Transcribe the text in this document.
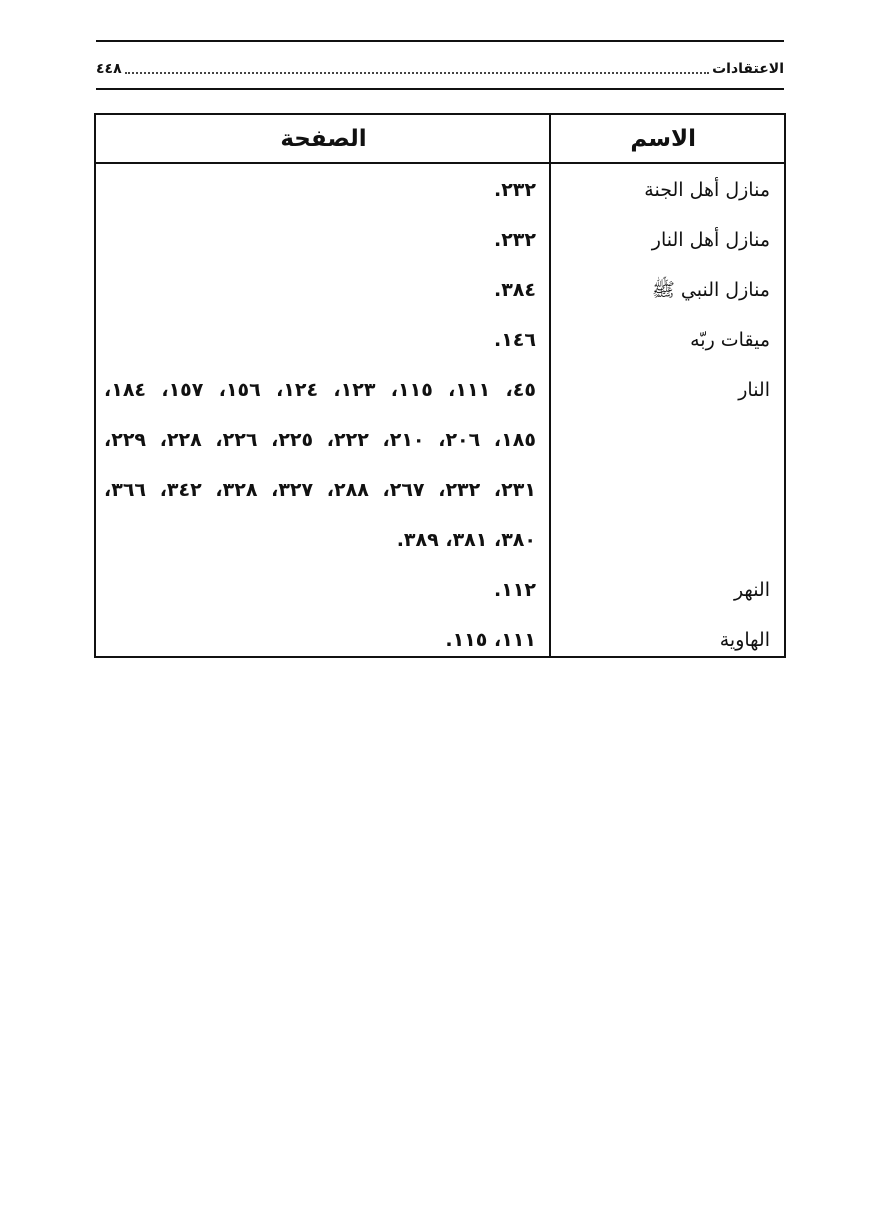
٤٤٨	الاعتقادات
الاسم
الصفحة
منازل أهل الجنة
٢٣٢.
منازل أهل النار
٢٣٢.
منازل النبي ﷺ
٣٨٤.
ميقات ربّه
١٤٦.
النار
٤٥، ١١١، ١١٥، ١٢٣، ١٢٤، ١٥٦، ١٥٧، ١٨٤،
١٨٥، ٢٠٦، ٢١٠، ٢٢٢، ٢٢٥، ٢٢٦، ٢٢٨، ٢٢٩،
٢٣١، ٢٣٢، ٢٦٧، ٢٨٨، ٣٢٧، ٣٢٨، ٣٤٢، ٣٦٦،
٣٨٠، ٣٨١، ٣٨٩.
النهر
١١٢.
الهاوية
١١١، ١١٥.
